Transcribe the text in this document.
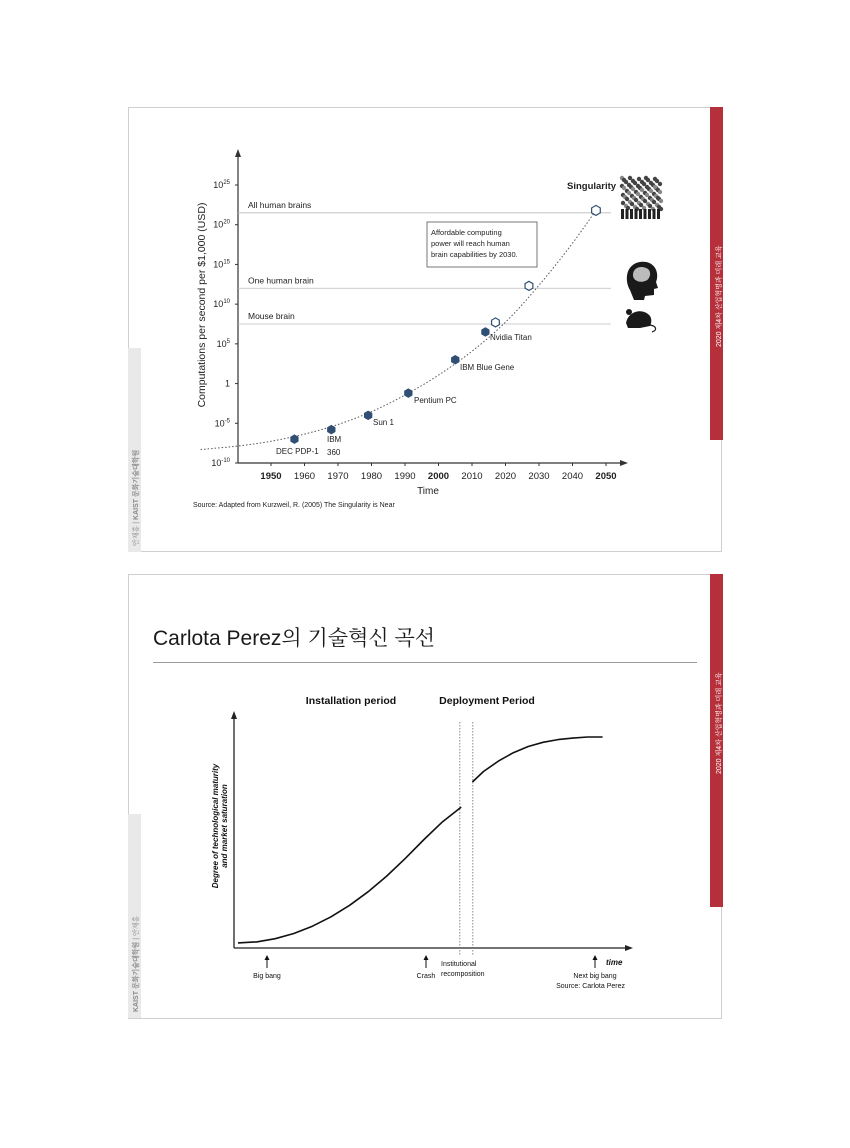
2020 제4차 산업혁명과 미래 교육
2020 제4차 산업혁명과 미래 교육
안재홍 | KAIST 문화기술대학원
KAIST 문화기술대학원 | 안재홍
Carlota Perez의 기술혁신 곡선
All human brains
One human brain
Mouse brain
$10^{-10}$
$10^{-5}$
1
$10^5$
$10^{10}$
$10^{15}$
$10^{20}$
$10^{25}$
1950 1960 1970 1980 1990 2000 2010 2020 2030 2040 2050
Time
Computations per second per $1,000 (USD)
DEC PDP-1
IBM
360
Sun 1
Pentium PC
IBM Blue Gene
Nvidia Titan
Singularity
Affordable computing
power will reach human
brain capabilities by 2030.
Source: Adapted from Kurzweil, R. (2005) The Singularity is Near
Installation period	Deployment Period
Degree of technological maturity and market saturation
time
Big bang	Crash
Institutional
recomposition	Next big bang
Source: Carlota Perez
